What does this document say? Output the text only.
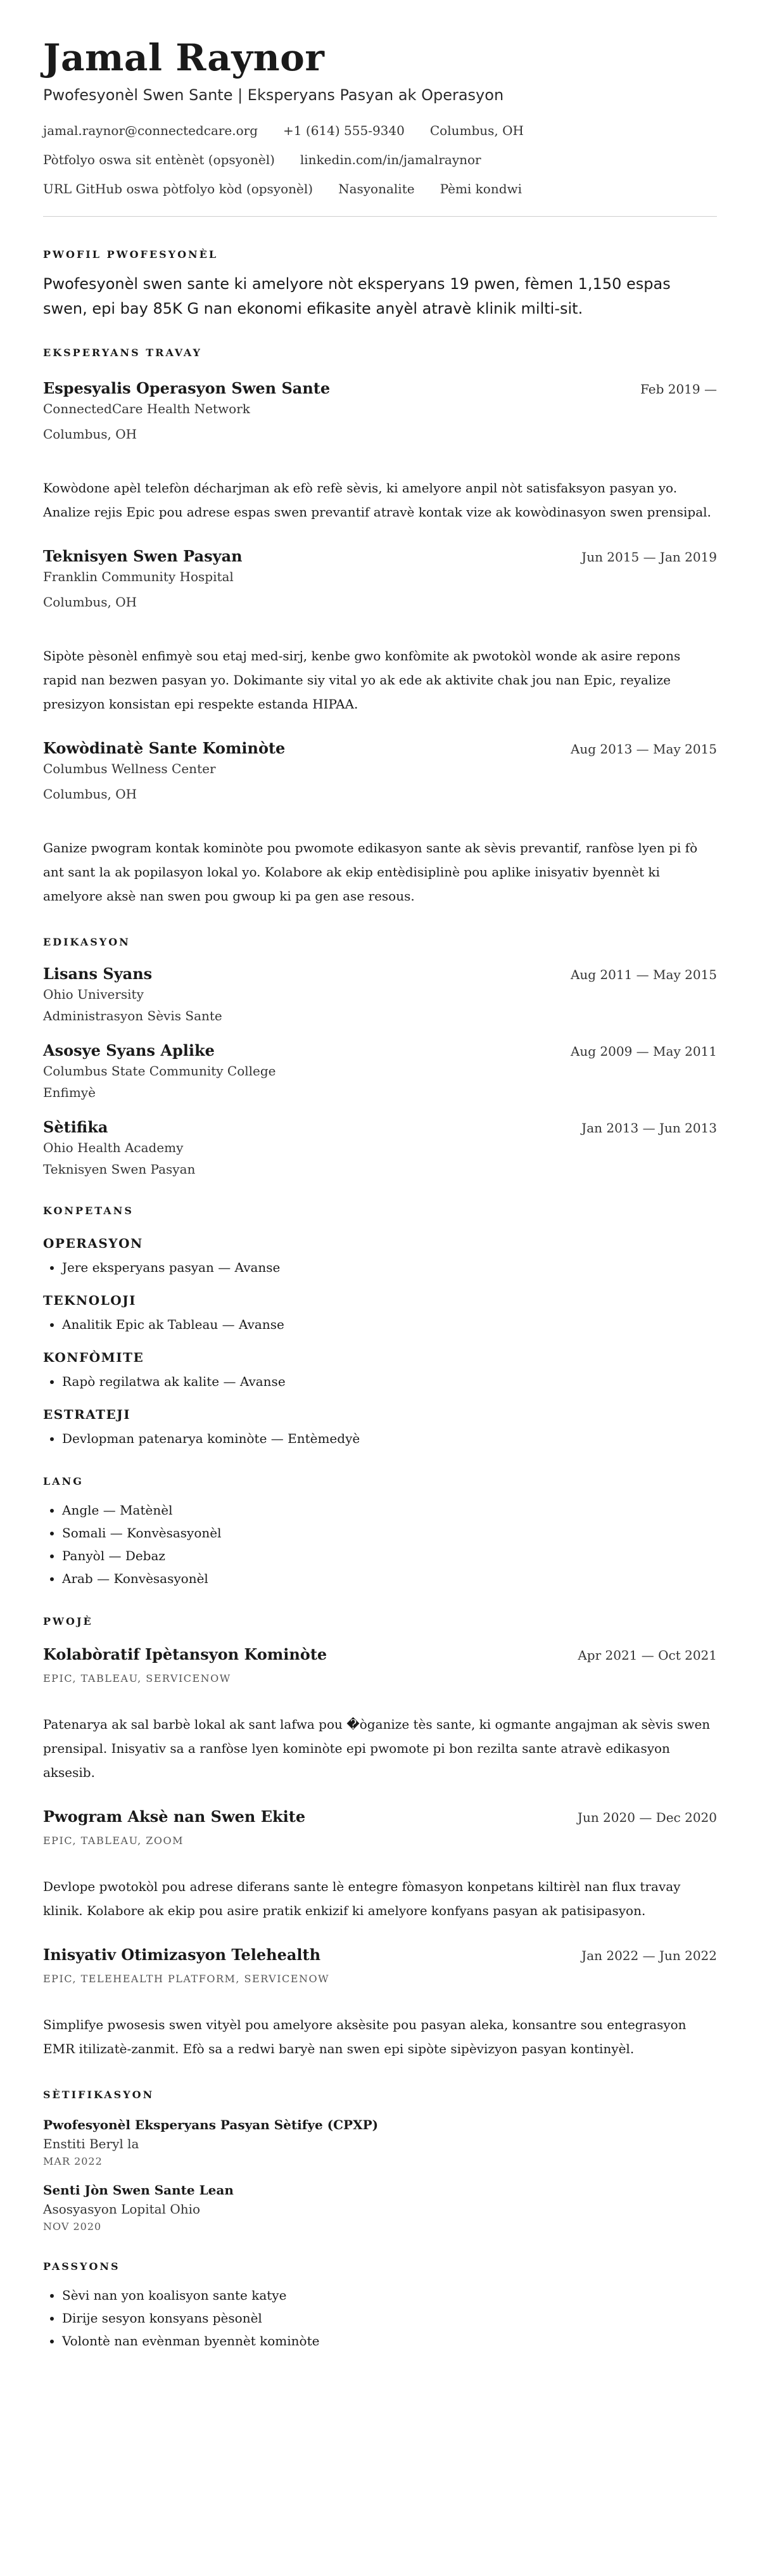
Jamal Raynor
Pwofesyonèl Swen Sante | Eksperyans Pasyan ak Operasyon
jamal.raynor@connectedcare.org +1 (614) 555-9340 Columbus, OH
Pòtfolyo oswa sit entènèt (opsyonèl) linkedin.com/in/jamalraynor
URL GitHub oswa pòtfolyo kòd (opsyonèl) Nasyonalite Pèmi kondwi
PWOFIL PWOFESYONÈL
Pwofesyonèl swen sante ki amelyore nòt eksperyans 19 pwen, fèmen 1,150 espas swen, epi bay 85K G nan ekonomi efikasite anyèl atravè klinik milti-sit.
EKSPERYANS TRAVAY
Espesyalis Operasyon Swen Sante	Feb 2019 —
ConnectedCare Health Network
Columbus, OH
Kowòdone apèl telefòn décharjman ak efò refè sèvis, ki amelyore anpil nòt satisfaksyon pasyan yo. Analize rejis Epic pou adrese espas swen prevantif atravè kontak vize ak kowòdinasyon swen prensipal.
Teknisyen Swen Pasyan	Jun 2015 — Jan 2019
Franklin Community Hospital
Columbus, OH
Sipòte pèsonèl enfimyè sou etaj med-sirj, kenbe gwo konfòmite ak pwotokòl wonde ak asire repons rapid nan bezwen pasyan yo. Dokimante siy vital yo ak ede ak aktivite chak jou nan Epic, reyalize presizyon konsistan epi respekte estanda HIPAA.
Kowòdinatè Sante Kominòte	Aug 2013 — May 2015
Columbus Wellness Center
Columbus, OH
Ganize pwogram kontak kominòte pou pwomote edikasyon sante ak sèvis prevantif, ranfòse lyen pi fò ant sant la ak popilasyon lokal yo. Kolabore ak ekip entèdisiplinè pou aplike inisyativ byennèt ki amelyore aksè nan swen pou gwoup ki pa gen ase resous.
EDIKASYON
Lisans Syans	Aug 2011 — May 2015
Ohio University
Administrasyon Sèvis Sante
Asosye Syans Aplike	Aug 2009 — May 2011
Columbus State Community College
Enfimyè
Sètifika	Jan 2013 — Jun 2013
Ohio Health Academy
Teknisyen Swen Pasyan
KONPETANS
OPERASYON
• Jere eksperyans pasyan — Avanse
TEKNOLOJI
• Analitik Epic ak Tableau — Avanse
KONFÒMITE
• Rapò regilatwa ak kalite — Avanse
ESTRATEJI
• Devlopman patenarya kominòte — Entèmedyè
LANG
• Angle — Matènèl
• Somali — Konvèsasyonèl
• Panyòl — Debaz
• Arab — Konvèsasyonèl
PWOJÈ
Kolabòratif Ipètansyon Kominòte	Apr 2021 — Oct 2021
EPIC, TABLEAU, SERVICENOW
Patenarya ak sal barbè lokal ak sant lafwa pou �òganize tès sante, ki ogmante angajman ak sèvis swen prensipal. Inisyativ sa a ranfòse lyen kominòte epi pwomote pi bon rezilta sante atravè edikasyon aksesib.
Pwogram Aksè nan Swen Ekite	Jun 2020 — Dec 2020
EPIC, TABLEAU, ZOOM
Devlope pwotokòl pou adrese diferans sante lè entegre fòmasyon konpetans kiltirèl nan flux travay klinik. Kolabore ak ekip pou asire pratik enkizif ki amelyore konfyans pasyan ak patisipasyon.
Inisyativ Otimizasyon Telehealth	Jan 2022 — Jun 2022
EPIC, TELEHEALTH PLATFORM, SERVICENOW
Simplifye pwosesis swen vityèl pou amelyore aksèsite pou pasyan aleka, konsantre sou entegrasyon EMR itilizatè-zanmit. Efò sa a redwi baryè nan swen epi sipòte sipèvizyon pasyan kontinyèl.
SÈTIFIKASYON
Pwofesyonèl Eksperyans Pasyan Sètifye (CPXP)
Enstiti Beryl la
MAR 2022
Senti Jòn Swen Sante Lean
Asosyasyon Lopital Ohio
NOV 2020
PASSYONS
• Sèvi nan yon koalisyon sante katye
• Dirije sesyon konsyans pèsonèl
• Volontè nan evènman byennèt kominòte
